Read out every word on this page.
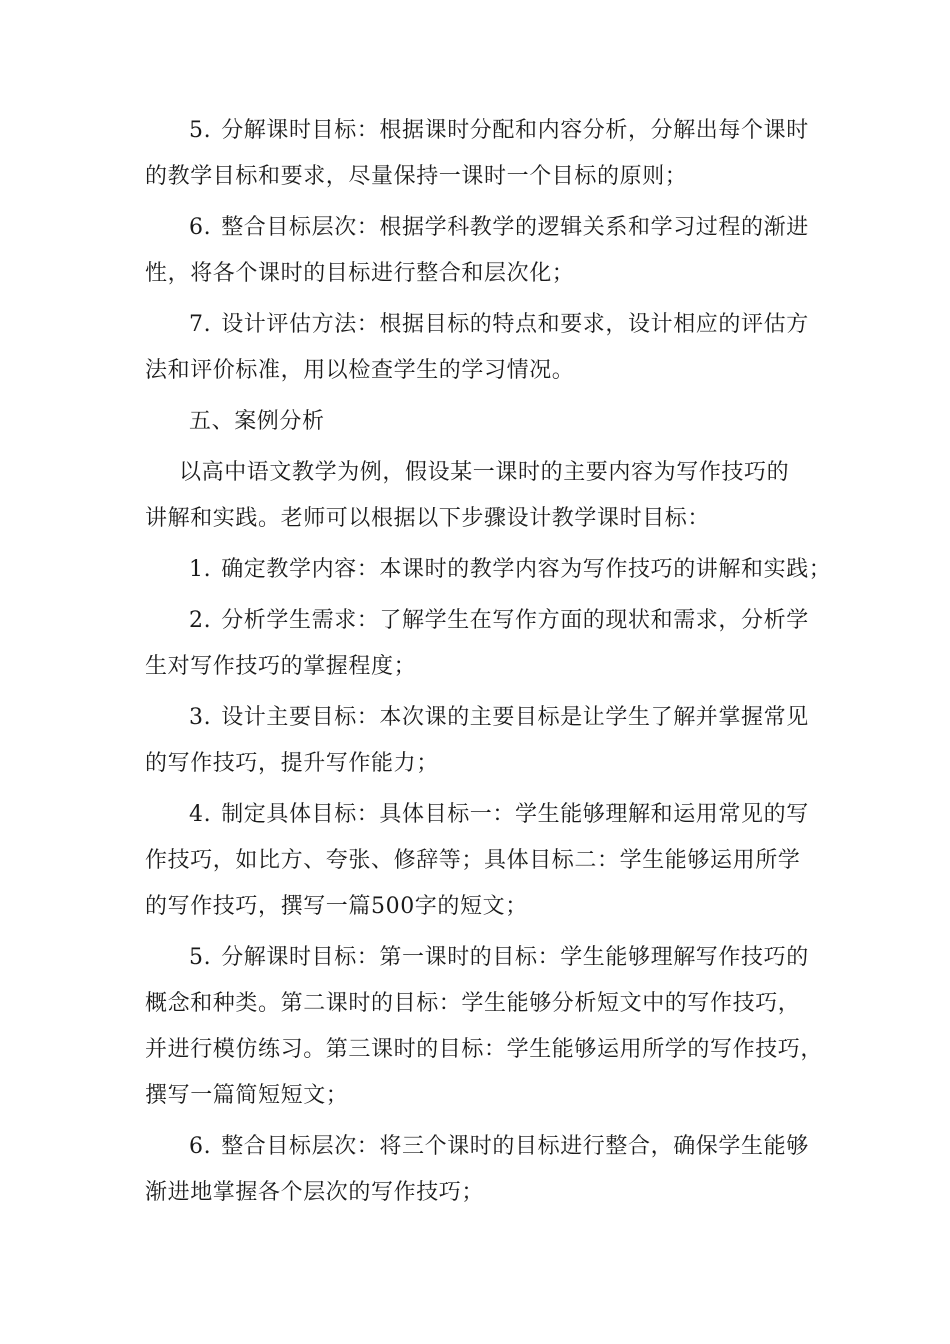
5. 分解课时目标：根据课时分配和内容分析，分解出每个课时
的教学目标和要求，尽量保持一课时一个目标的原则；

6. 整合目标层次：根据学科教学的逻辑关系和学习过程的渐进
性，将各个课时的目标进行整合和层次化；

7. 设计评估方法：根据目标的特点和要求，设计相应的评估方
法和评价标准，用以检查学生的学习情况。

五、案例分析

以高中语文教学为例，假设某一课时的主要内容为写作技巧的
讲解和实践。老师可以根据以下步骤设计教学课时目标：

1. 确定教学内容：本课时的教学内容为写作技巧的讲解和实践；

2. 分析学生需求：了解学生在写作方面的现状和需求，分析学
生对写作技巧的掌握程度；

3. 设计主要目标：本次课的主要目标是让学生了解并掌握常见
的写作技巧，提升写作能力；

4. 制定具体目标：具体目标一：学生能够理解和运用常见的写
作技巧，如比方、夸张、修辞等；具体目标二：学生能够运用所学
的写作技巧，撰写一篇500字的短文；

5. 分解课时目标：第一课时的目标：学生能够理解写作技巧的
概念和种类。第二课时的目标：学生能够分析短文中的写作技巧，
并进行模仿练习。第三课时的目标：学生能够运用所学的写作技巧，
撰写一篇简短短文；

6. 整合目标层次：将三个课时的目标进行整合，确保学生能够
渐进地掌握各个层次的写作技巧；
